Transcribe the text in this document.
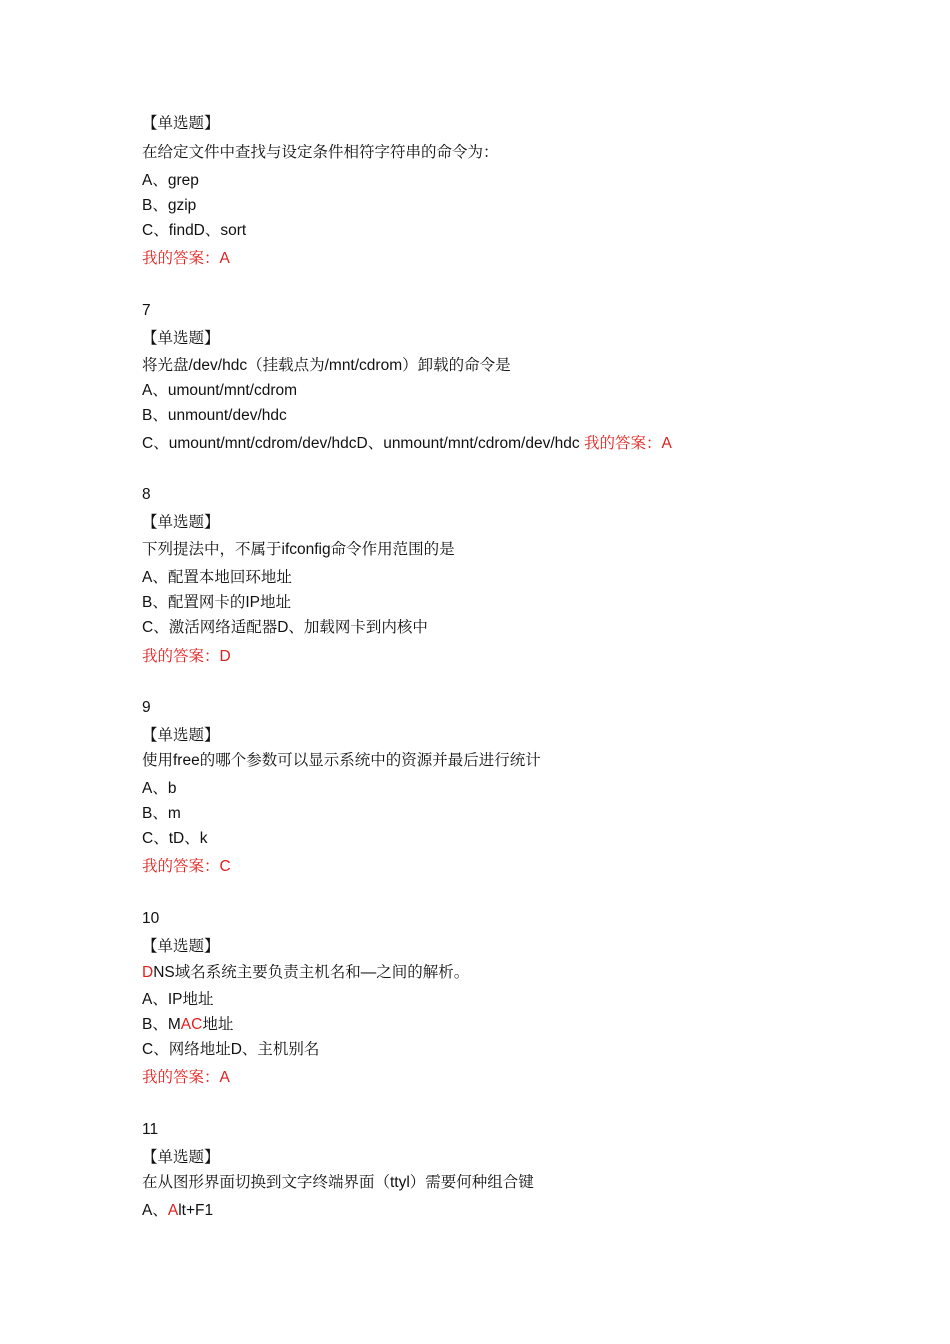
【单选题】
在给定文件中查找与设定条件相符字符串的命令为：
A、grep
B、gzip
C、findD、sort
我的答案：A
7
【单选题】
将光盘/dev/hdc（挂载点为/mnt/cdrom）卸载的命令是
A、umount/mnt/cdrom
B、unmount/dev/hdc
C、umount/mnt/cdrom/dev/hdcD、unmount/mnt/cdrom/dev/hdc 我的答案：A
8
【单选题】
下列提法中，不属于ifconfig命令作用范围的是
A、配置本地回环地址
B、配置网卡的IP地址
C、激活网络适配器D、加载网卡到内核中
我的答案：D
9
【单选题】
使用free的哪个参数可以显示系统中的资源并最后进行统计
A、b
B、m
C、tD、k
我的答案：C
10
【单选题】
DNS域名系统主要负责主机名和—之间的解析。
A、IP地址
B、MAC地址
C、网络地址D、主机别名
我的答案：A
11
【单选题】
在从图形界面切换到文字终端界面（ttyl）需要何种组合键
A、Alt+F1
